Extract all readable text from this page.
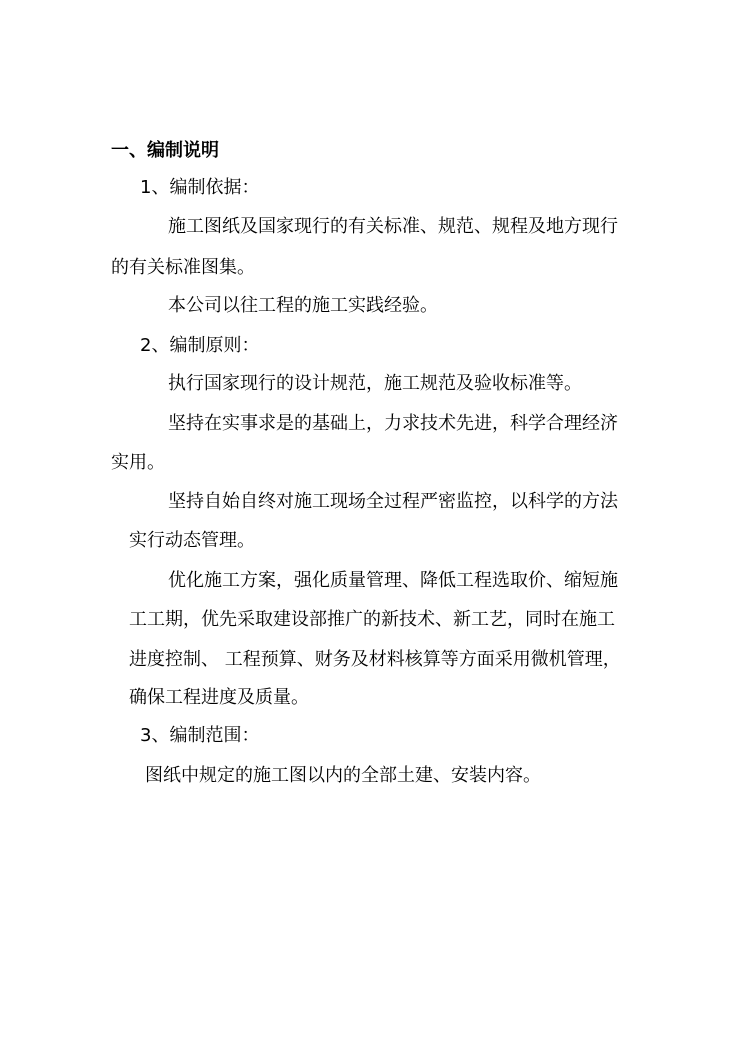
一、编制说明
1、编制依据：
施工图纸及国家现行的有关标准、规范、规程及地方现行
的有关标准图集。
本公司以往工程的施工实践经验。
2、编制原则：
执行国家现行的设计规范，施工规范及验收标准等。
坚持在实事求是的基础上，力求技术先进，科学合理经济
实用。
坚持自始自终对施工现场全过程严密监控，以科学的方法
实行动态管理。
优化施工方案，强化质量管理、降低工程选取价、缩短施
工工期，优先采取建设部推广的新技术、新工艺，同时在施工
进度控制、 工程预算、财务及材料核算等方面采用微机管理，
确保工程进度及质量。
3、编制范围：
图纸中规定的施工图以内的全部土建、安装内容。
